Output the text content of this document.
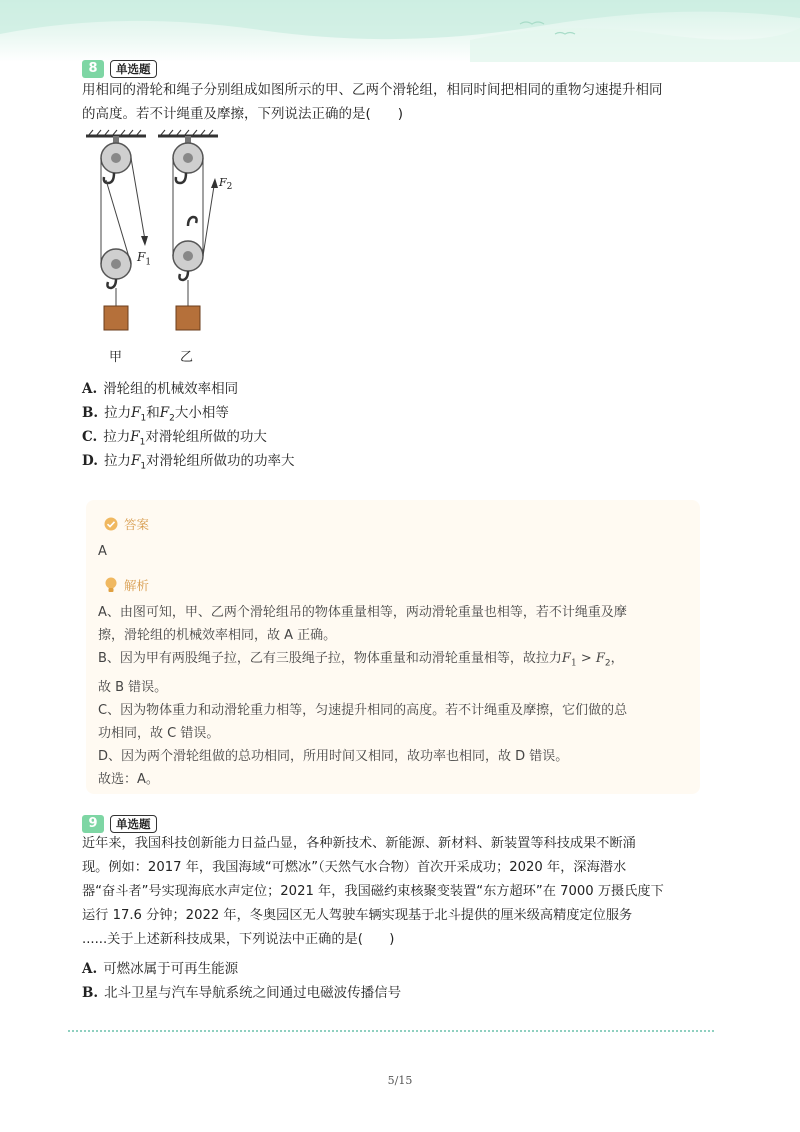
8	单选题
用相同的滑轮和绳子分别组成如图所示的甲、乙两个滑轮组，相同时间把相同的重物匀速提升相同
的高度。若不计绳重及摩擦，下列说法正确的是(　　)
$F_1$
$F_2$
甲	乙
A. 滑轮组的机械效率相同
B. 拉力$F_1$和$F_2$大小相等
C. 拉力$F_1$对滑轮组所做的功大
D. 拉力$F_1$对滑轮组所做功的功率大
答案
A
解析
A、由图可知，甲、乙两个滑轮组吊的物体重量相等，两动滑轮重量也相等，若不计绳重及摩
擦，滑轮组的机械效率相同，故 A 正确。
B、因为甲有两股绳子拉，乙有三股绳子拉，物体重量和动滑轮重量相等，故拉力$F_1 > F_2$，
故 B 错误。
C、因为物体重力和动滑轮重力相等，匀速提升相同的高度。若不计绳重及摩擦，它们做的总
功相同，故 C 错误。
D、因为两个滑轮组做的总功相同，所用时间又相同，故功率也相同，故 D 错误。
故选：A。
9	单选题
近年来，我国科技创新能力日益凸显，各种新技术、新能源、新材料、新装置等科技成果不断涌
现。例如：2017 年，我国海域“可燃冰”（天然气水合物）首次开采成功；2020 年，深海潜水
器“奋斗者”号实现海底水声定位；2021 年，我国磁约束核聚变装置“东方超环”在 7000 万摄氏度下
运行 17.6 分钟；2022 年，冬奥园区无人驾驶车辆实现基于北斗提供的厘米级高精度定位服务
......关于上述新科技成果，下列说法中正确的是(　　)
A. 可燃冰属于可再生能源
B. 北斗卫星与汽车导航系统之间通过电磁波传播信号
5/15
